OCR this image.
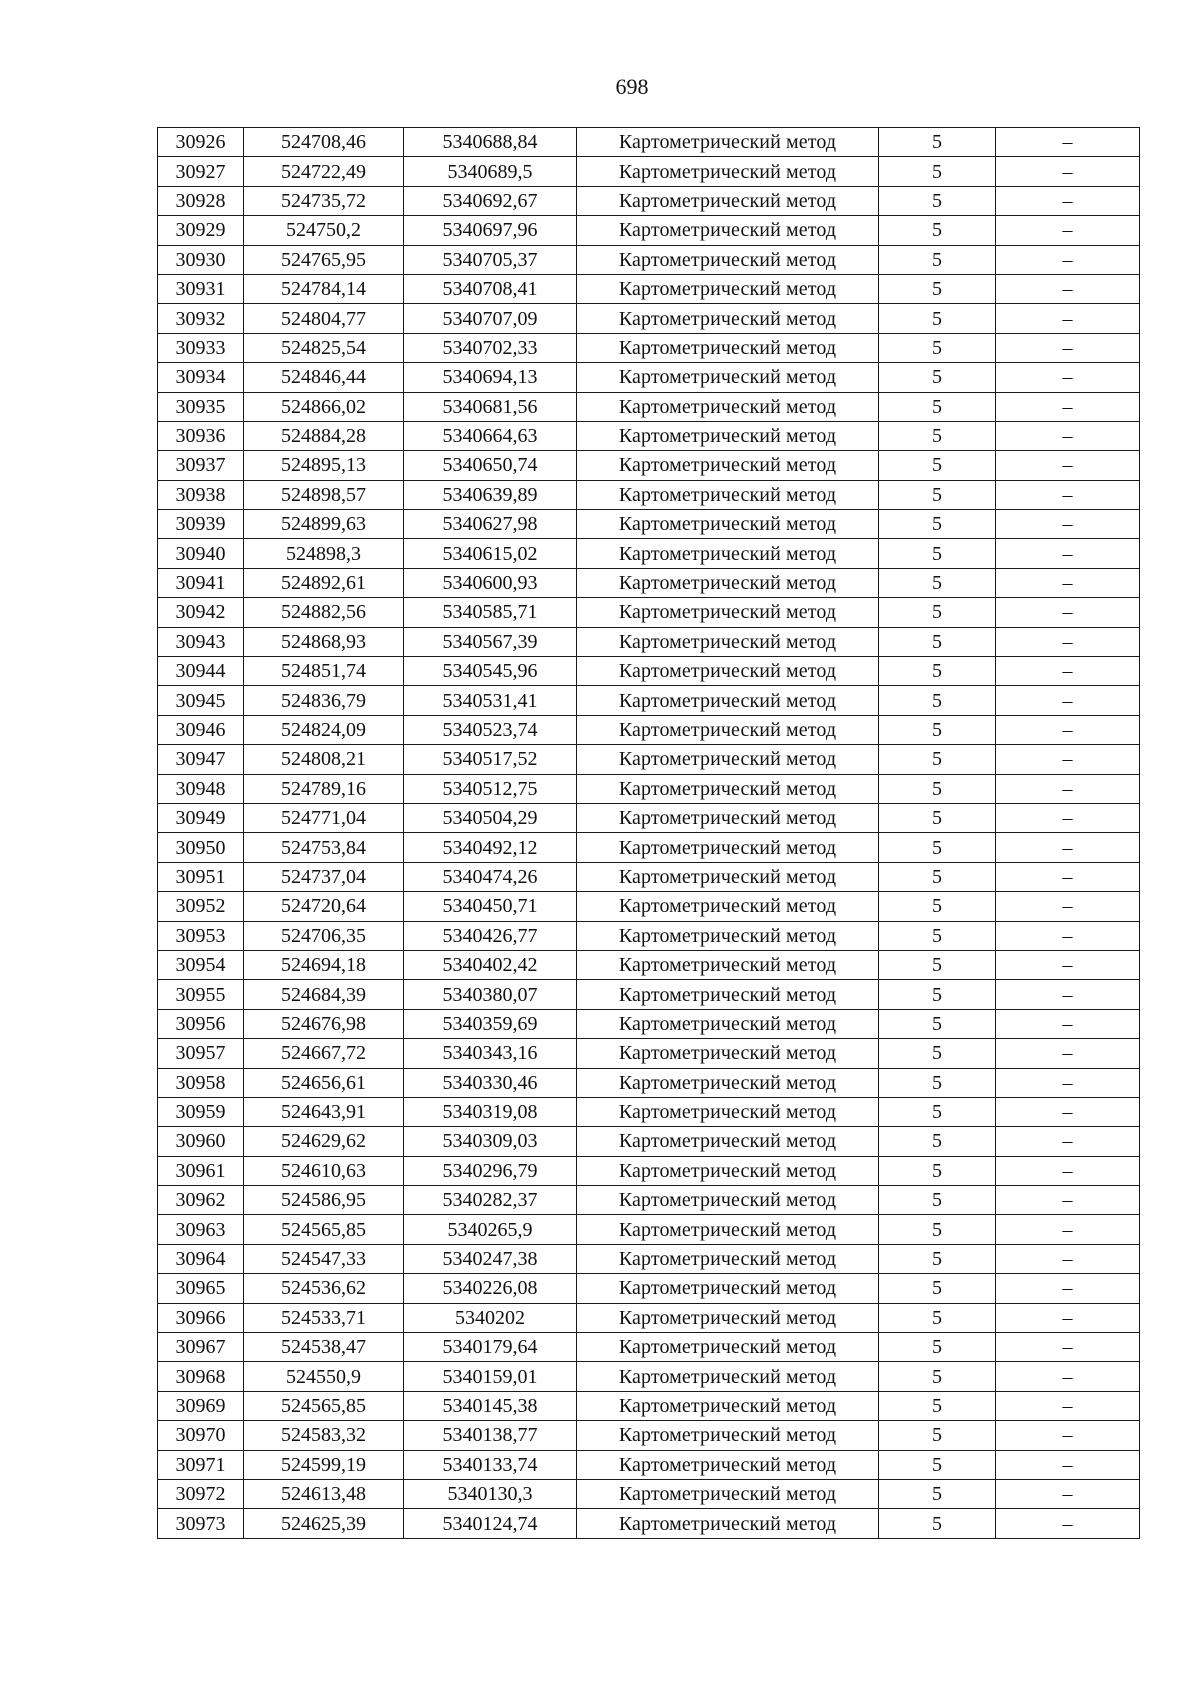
698
30926	524708,46	5340688,84	Картометрический метод	5	–
30927	524722,49	5340689,5	Картометрический метод	5	–
30928	524735,72	5340692,67	Картометрический метод	5	–
30929	524750,2	5340697,96	Картометрический метод	5	–
30930	524765,95	5340705,37	Картометрический метод	5	–
30931	524784,14	5340708,41	Картометрический метод	5	–
30932	524804,77	5340707,09	Картометрический метод	5	–
30933	524825,54	5340702,33	Картометрический метод	5	–
30934	524846,44	5340694,13	Картометрический метод	5	–
30935	524866,02	5340681,56	Картометрический метод	5	–
30936	524884,28	5340664,63	Картометрический метод	5	–
30937	524895,13	5340650,74	Картометрический метод	5	–
30938	524898,57	5340639,89	Картометрический метод	5	–
30939	524899,63	5340627,98	Картометрический метод	5	–
30940	524898,3	5340615,02	Картометрический метод	5	–
30941	524892,61	5340600,93	Картометрический метод	5	–
30942	524882,56	5340585,71	Картометрический метод	5	–
30943	524868,93	5340567,39	Картометрический метод	5	–
30944	524851,74	5340545,96	Картометрический метод	5	–
30945	524836,79	5340531,41	Картометрический метод	5	–
30946	524824,09	5340523,74	Картометрический метод	5	–
30947	524808,21	5340517,52	Картометрический метод	5	–
30948	524789,16	5340512,75	Картометрический метод	5	–
30949	524771,04	5340504,29	Картометрический метод	5	–
30950	524753,84	5340492,12	Картометрический метод	5	–
30951	524737,04	5340474,26	Картометрический метод	5	–
30952	524720,64	5340450,71	Картометрический метод	5	–
30953	524706,35	5340426,77	Картометрический метод	5	–
30954	524694,18	5340402,42	Картометрический метод	5	–
30955	524684,39	5340380,07	Картометрический метод	5	–
30956	524676,98	5340359,69	Картометрический метод	5	–
30957	524667,72	5340343,16	Картометрический метод	5	–
30958	524656,61	5340330,46	Картометрический метод	5	–
30959	524643,91	5340319,08	Картометрический метод	5	–
30960	524629,62	5340309,03	Картометрический метод	5	–
30961	524610,63	5340296,79	Картометрический метод	5	–
30962	524586,95	5340282,37	Картометрический метод	5	–
30963	524565,85	5340265,9	Картометрический метод	5	–
30964	524547,33	5340247,38	Картометрический метод	5	–
30965	524536,62	5340226,08	Картометрический метод	5	–
30966	524533,71	5340202	Картометрический метод	5	–
30967	524538,47	5340179,64	Картометрический метод	5	–
30968	524550,9	5340159,01	Картометрический метод	5	–
30969	524565,85	5340145,38	Картометрический метод	5	–
30970	524583,32	5340138,77	Картометрический метод	5	–
30971	524599,19	5340133,74	Картометрический метод	5	–
30972	524613,48	5340130,3	Картометрический метод	5	–
30973	524625,39	5340124,74	Картометрический метод	5	–
